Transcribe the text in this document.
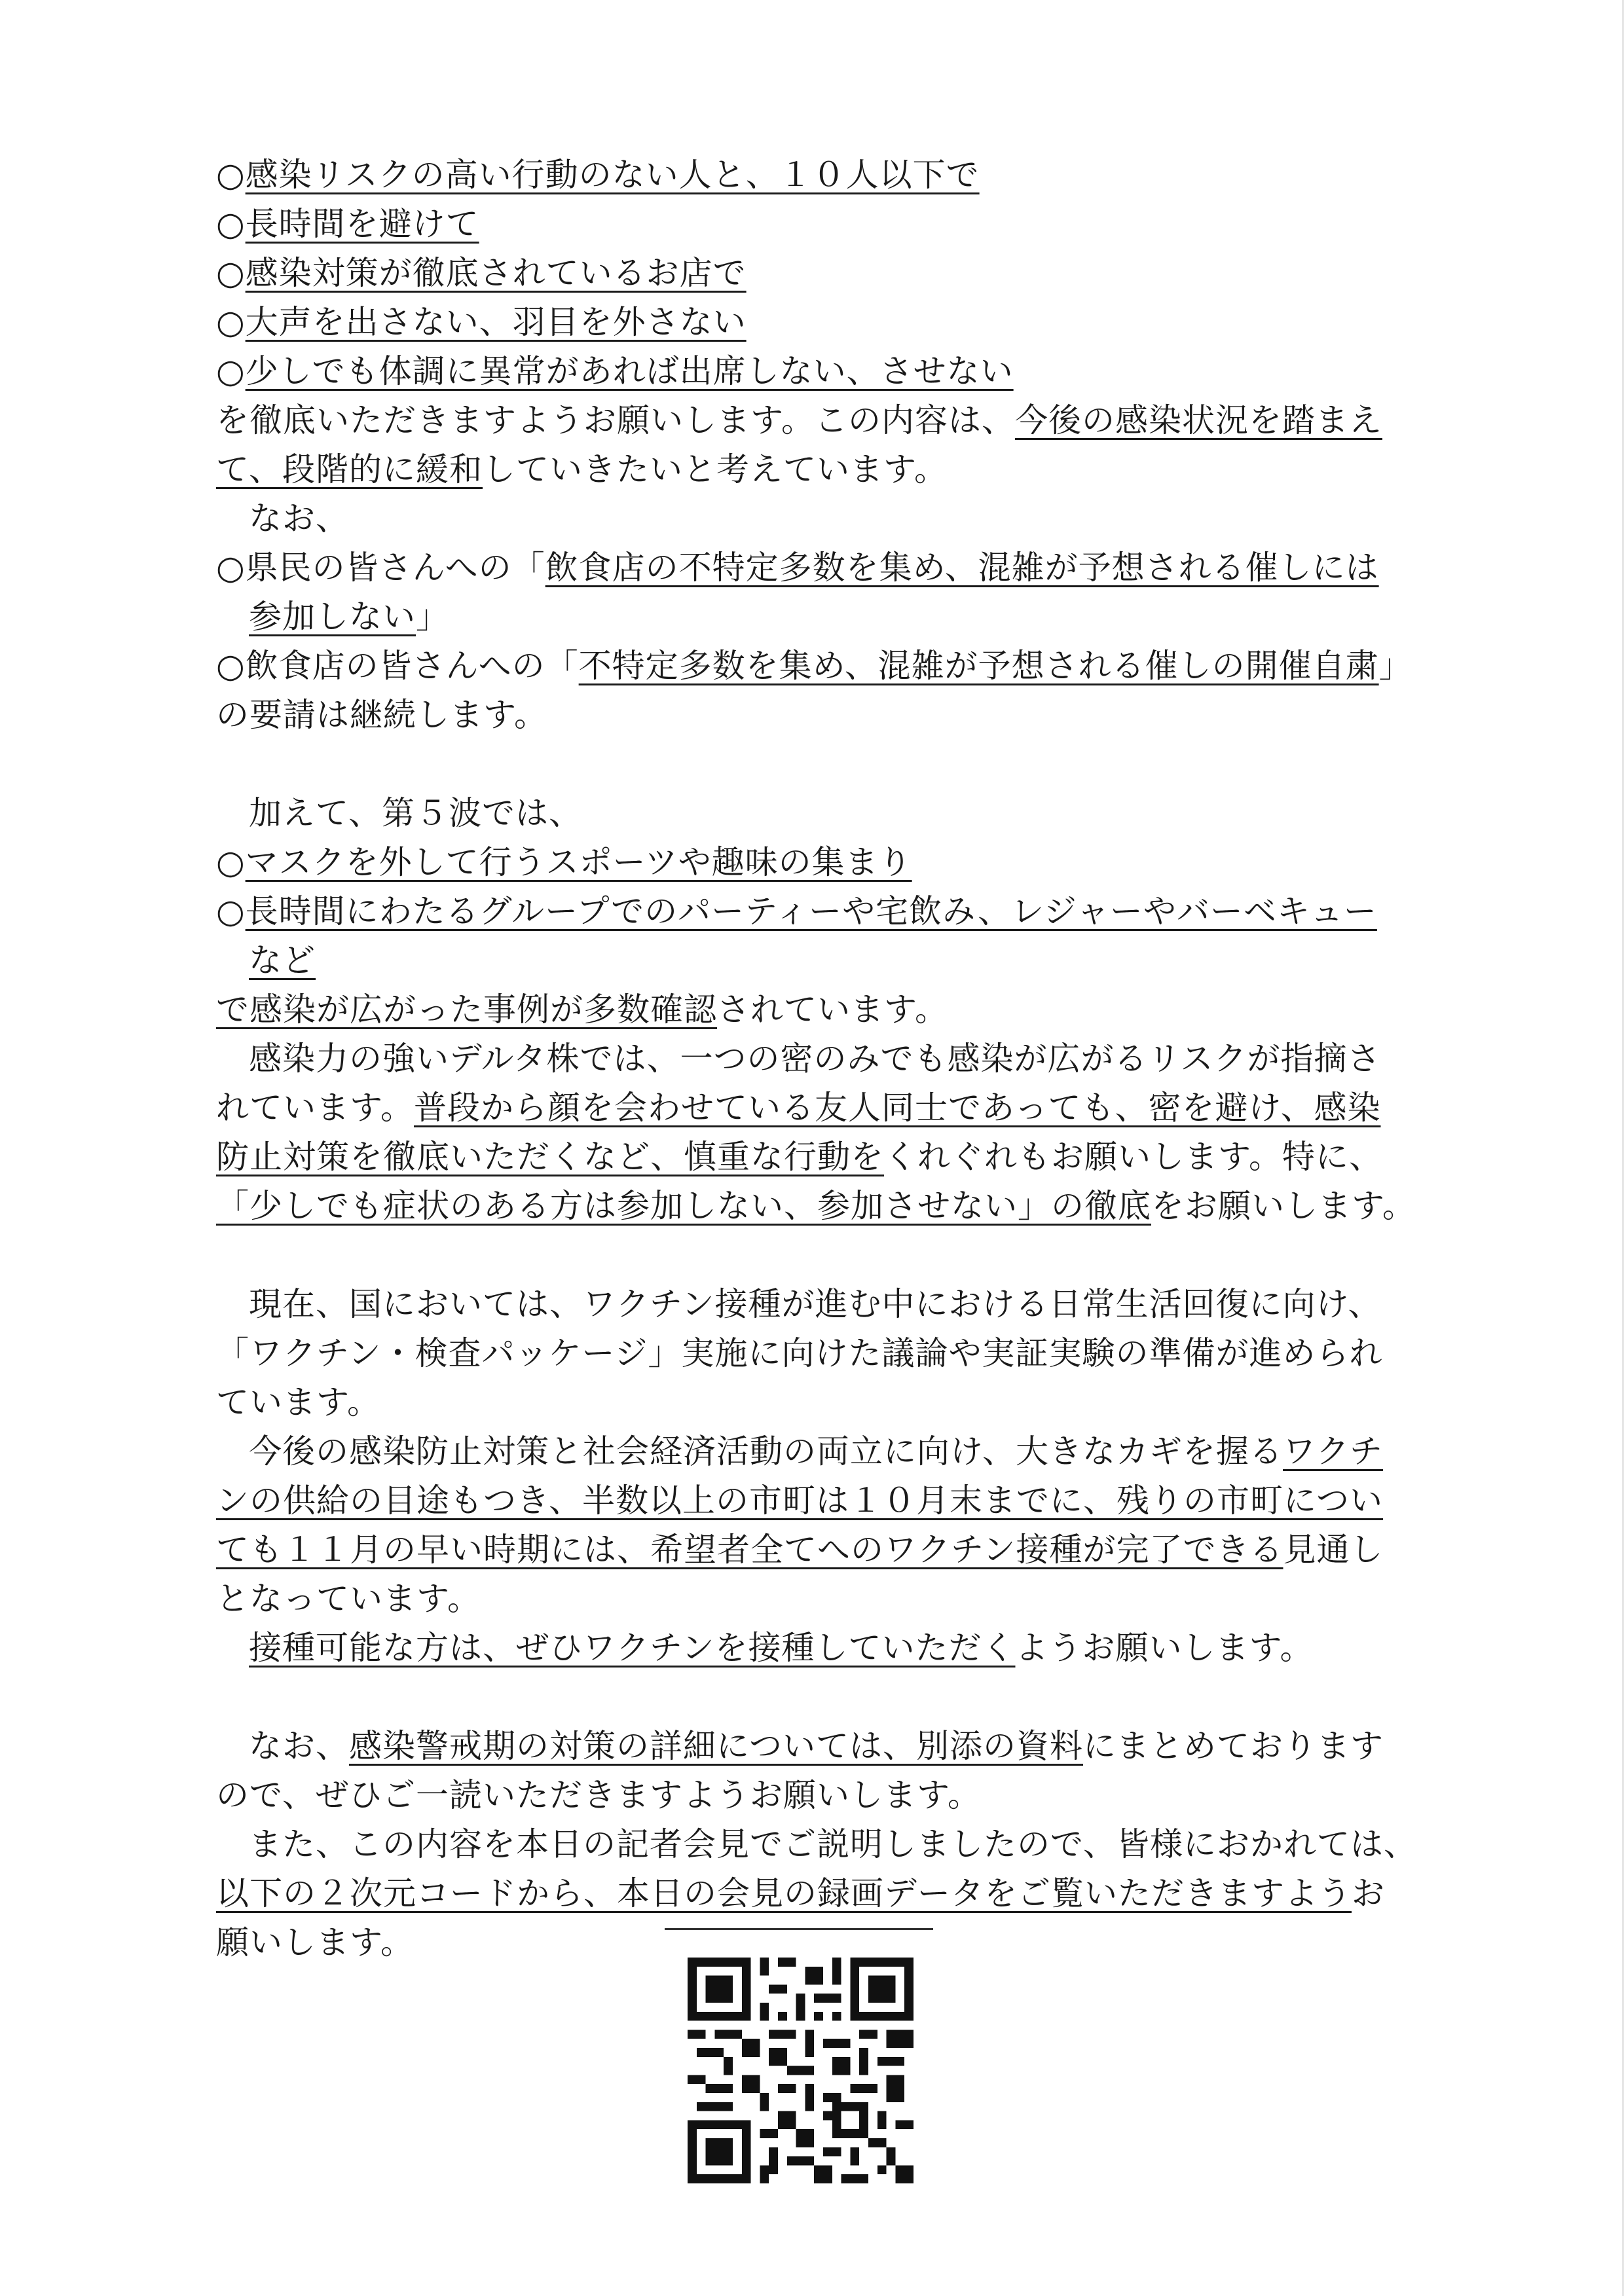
○感染リスクの高い行動のない人と、１０人以下で
○長時間を避けて
○感染対策が徹底されているお店で
○大声を出さない、羽目を外さない
○少しでも体調に異常があれば出席しない、させない
を徹底いただきますようお願いします。この内容は、今後の感染状況を踏まえ
て、段階的に緩和していきたいと考えています。
なお、
○県民の皆さんへの「飲食店の不特定多数を集め、混雑が予想される催しには
参加しない」
○飲食店の皆さんへの「不特定多数を集め、混雑が予想される催しの開催自粛」
の要請は継続します。
加えて、第５波では、
○マスクを外して行うスポーツや趣味の集まり
○長時間にわたるグループでのパーティーや宅飲み、レジャーやバーベキュー
など
で感染が広がった事例が多数確認されています。
感染力の強いデルタ株では、一つの密のみでも感染が広がるリスクが指摘さ
れています。普段から顔を会わせている友人同士であっても、密を避け、感染
防止対策を徹底いただくなど、慎重な行動をくれぐれもお願いします。特に、
「少しでも症状のある方は参加しない、参加させない」の徹底をお願いします。
現在、国においては、ワクチン接種が進む中における日常生活回復に向け、
「ワクチン・検査パッケージ」実施に向けた議論や実証実験の準備が進められ
ています。
今後の感染防止対策と社会経済活動の両立に向け、大きなカギを握るワクチ
ンの供給の目途もつき、半数以上の市町は１０月末までに、残りの市町につい
ても１１月の早い時期には、希望者全てへのワクチン接種が完了できる見通し
となっています。
接種可能な方は、ぜひワクチンを接種していただくようお願いします。
なお、感染警戒期の対策の詳細については、別添の資料にまとめております
ので、ぜひご一読いただきますようお願いします。
また、この内容を本日の記者会見でご説明しましたので、皆様におかれては、
以下の２次元コードから、本日の会見の録画データをご覧いただきますようお
願いします。
